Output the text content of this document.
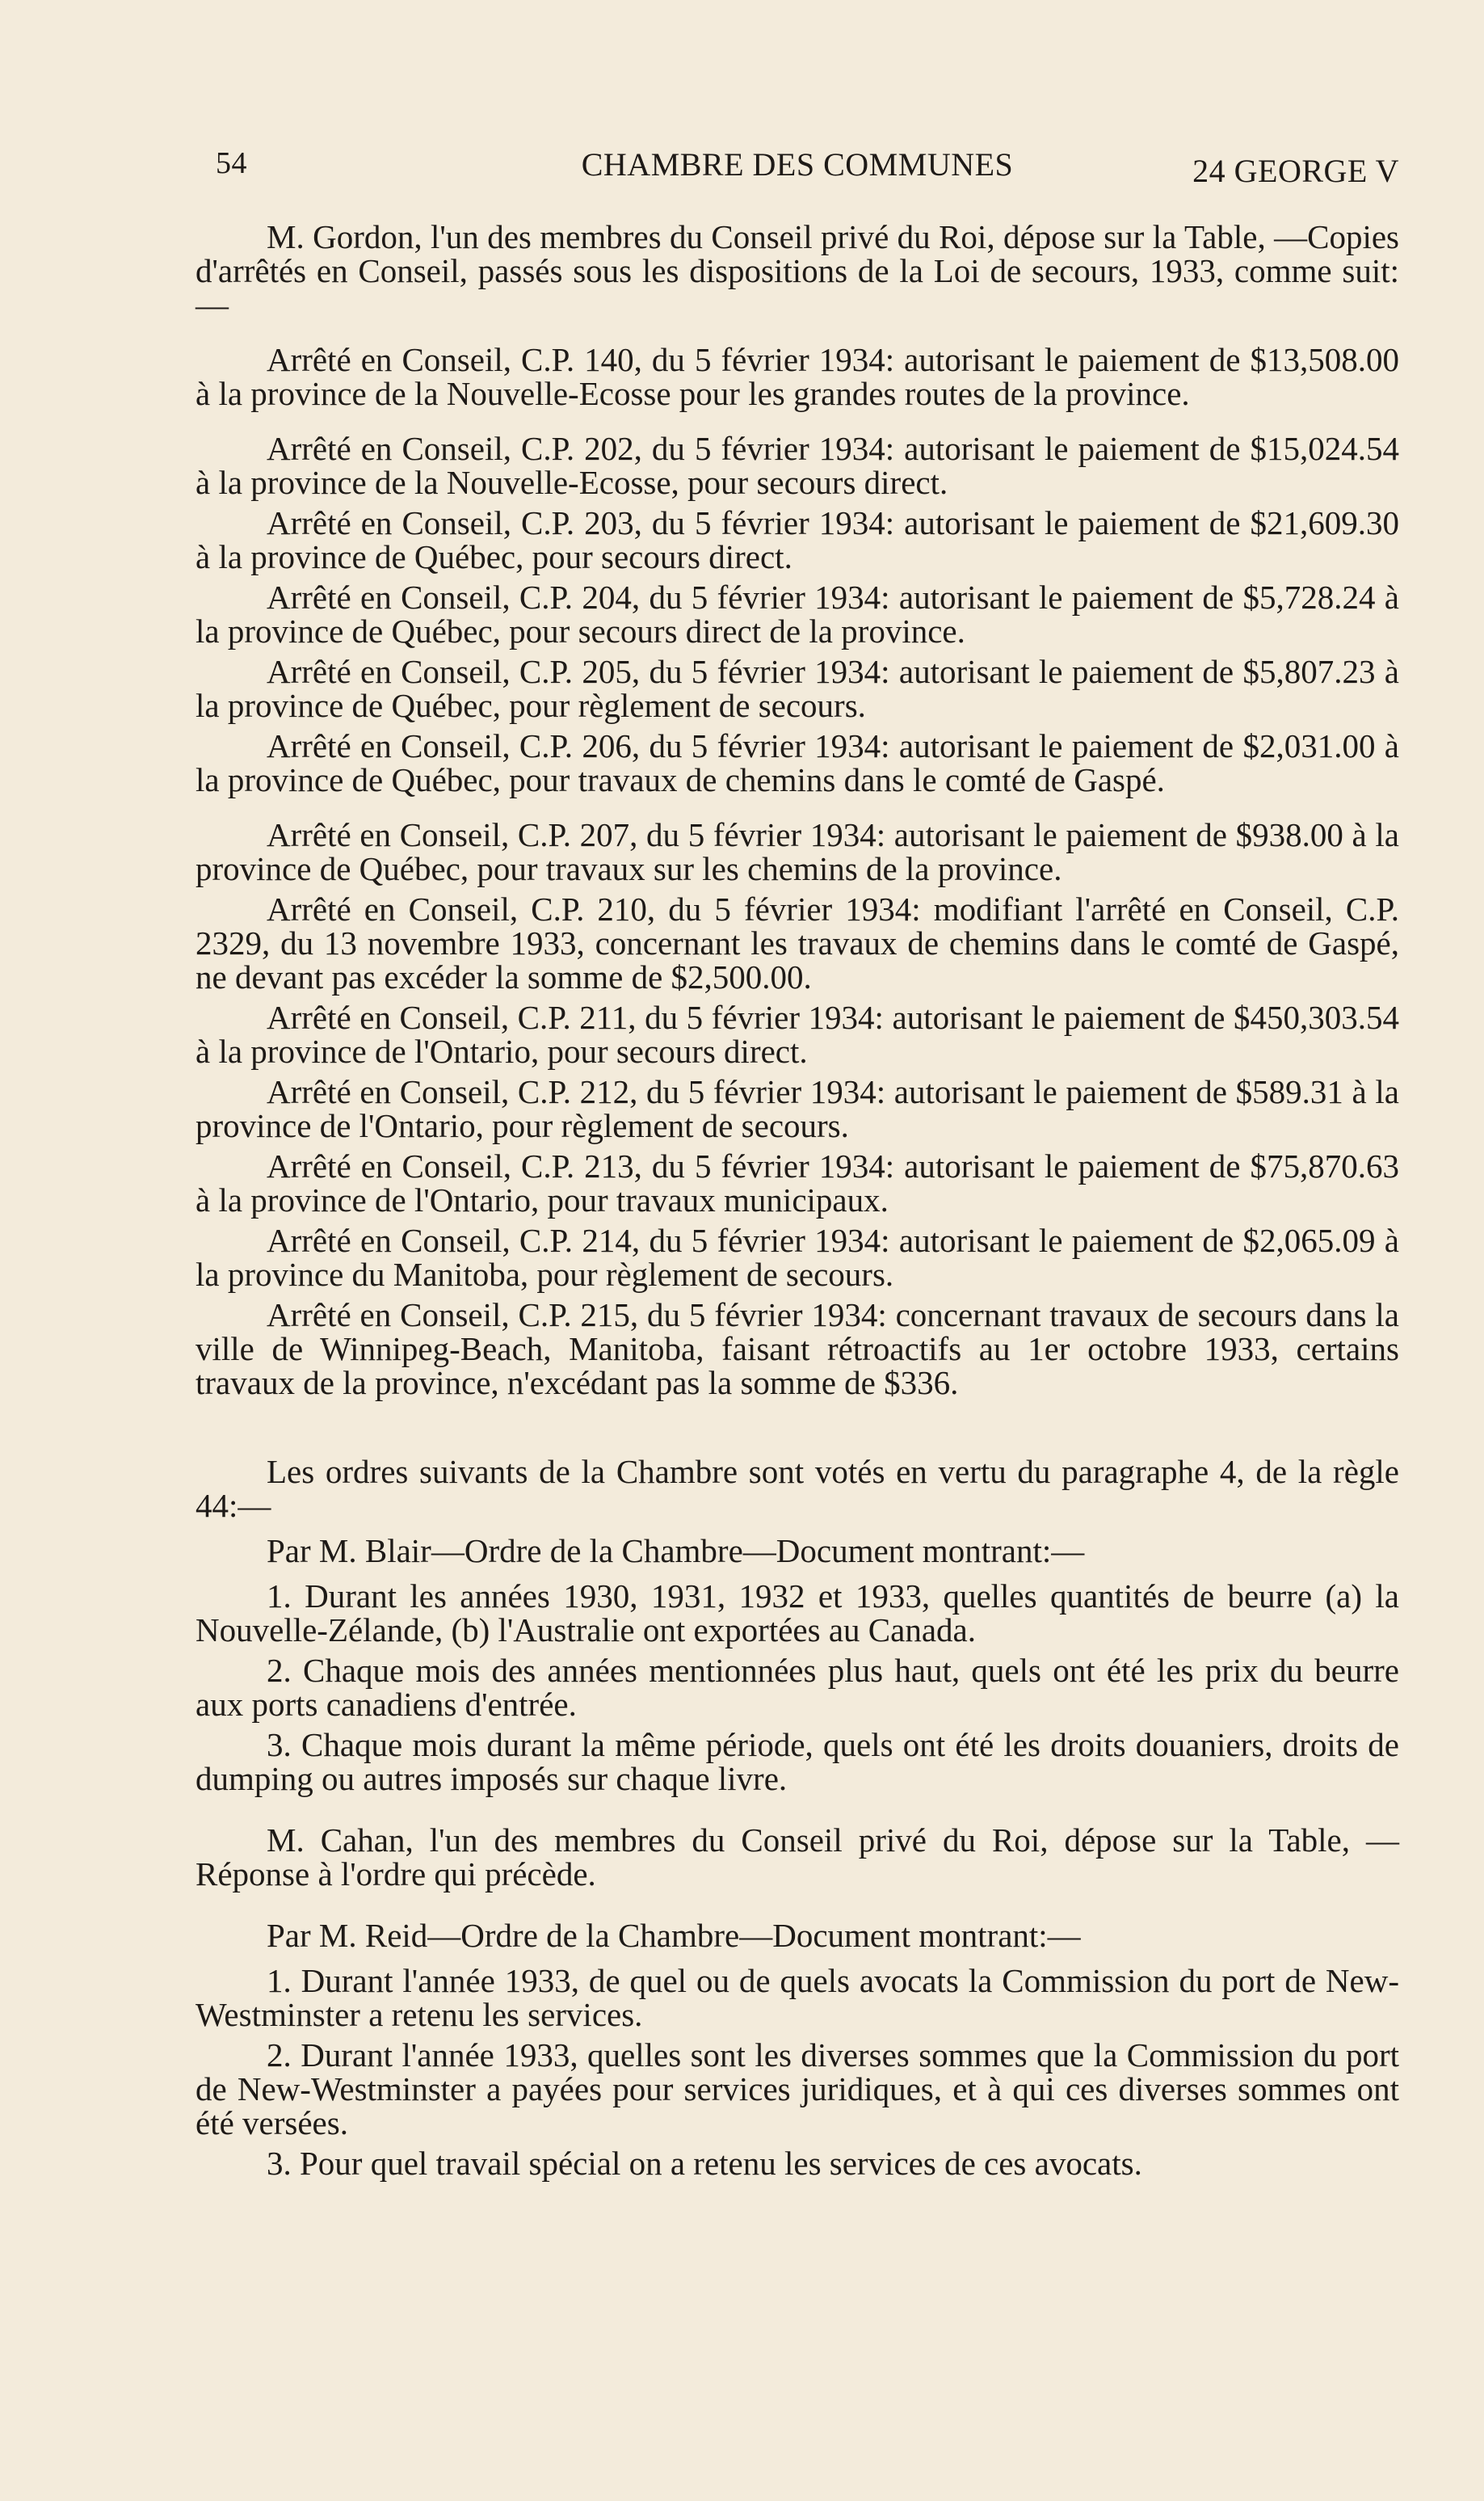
54	CHAMBRE DES COMMUNES	24 GEORGE V

M. Gordon, l'un des membres du Conseil privé du Roi, dépose sur la Table, —Copies d'arrêtés en Conseil, passés sous les dispositions de la Loi de secours, 1933, comme suit:—

Arrêté en Conseil, C.P. 140, du 5 février 1934: autorisant le paiement de $13,508.00 à la province de la Nouvelle-Ecosse pour les grandes routes de la province.

Arrêté en Conseil, C.P. 202, du 5 février 1934: autorisant le paiement de $15,024.54 à la province de la Nouvelle-Ecosse, pour secours direct.

Arrêté en Conseil, C.P. 203, du 5 février 1934: autorisant le paiement de $21,609.30 à la province de Québec, pour secours direct.

Arrêté en Conseil, C.P. 204, du 5 février 1934: autorisant le paiement de $5,728.24 à la province de Québec, pour secours direct de la province.

Arrêté en Conseil, C.P. 205, du 5 février 1934: autorisant le paiement de $5,807.23 à la province de Québec, pour règlement de secours.

Arrêté en Conseil, C.P. 206, du 5 février 1934: autorisant le paiement de $2,031.00 à la province de Québec, pour travaux de chemins dans le comté de Gaspé.

Arrêté en Conseil, C.P. 207, du 5 février 1934: autorisant le paiement de $938.00 à la province de Québec, pour travaux sur les chemins de la province.

Arrêté en Conseil, C.P. 210, du 5 février 1934: modifiant l'arrêté en Conseil, C.P. 2329, du 13 novembre 1933, concernant les travaux de chemins dans le comté de Gaspé, ne devant pas excéder la somme de $2,500.00.

Arrêté en Conseil, C.P. 211, du 5 février 1934: autorisant le paiement de $450,303.54 à la province de l'Ontario, pour secours direct.

Arrêté en Conseil, C.P. 212, du 5 février 1934: autorisant le paiement de $589.31 à la province de l'Ontario, pour règlement de secours.

Arrêté en Conseil, C.P. 213, du 5 février 1934: autorisant le paiement de $75,870.63 à la province de l'Ontario, pour travaux municipaux.

Arrêté en Conseil, C.P. 214, du 5 février 1934: autorisant le paiement de $2,065.09 à la province du Manitoba, pour règlement de secours.

Arrêté en Conseil, C.P. 215, du 5 février 1934: concernant travaux de secours dans la ville de Winnipeg-Beach, Manitoba, faisant rétroactifs au 1er octobre 1933, certains travaux de la province, n'excédant pas la somme de $336.

Les ordres suivants de la Chambre sont votés en vertu du paragraphe 4, de la règle 44:—

Par M. Blair—Ordre de la Chambre—Document montrant:—

1. Durant les années 1930, 1931, 1932 et 1933, quelles quantités de beurre (a) la Nouvelle-Zélande, (b) l'Australie ont exportées au Canada.

2. Chaque mois des années mentionnées plus haut, quels ont été les prix du beurre aux ports canadiens d'entrée.

3. Chaque mois durant la même période, quels ont été les droits douaniers, droits de dumping ou autres imposés sur chaque livre.

M. Cahan, l'un des membres du Conseil privé du Roi, dépose sur la Table, —Réponse à l'ordre qui précède.

Par M. Reid—Ordre de la Chambre—Document montrant:—

1. Durant l'année 1933, de quel ou de quels avocats la Commission du port de New-Westminster a retenu les services.

2. Durant l'année 1933, quelles sont les diverses sommes que la Commission du port de New-Westminster a payées pour services juridiques, et à qui ces diverses sommes ont été versées.

3. Pour quel travail spécial on a retenu les services de ces avocats.
